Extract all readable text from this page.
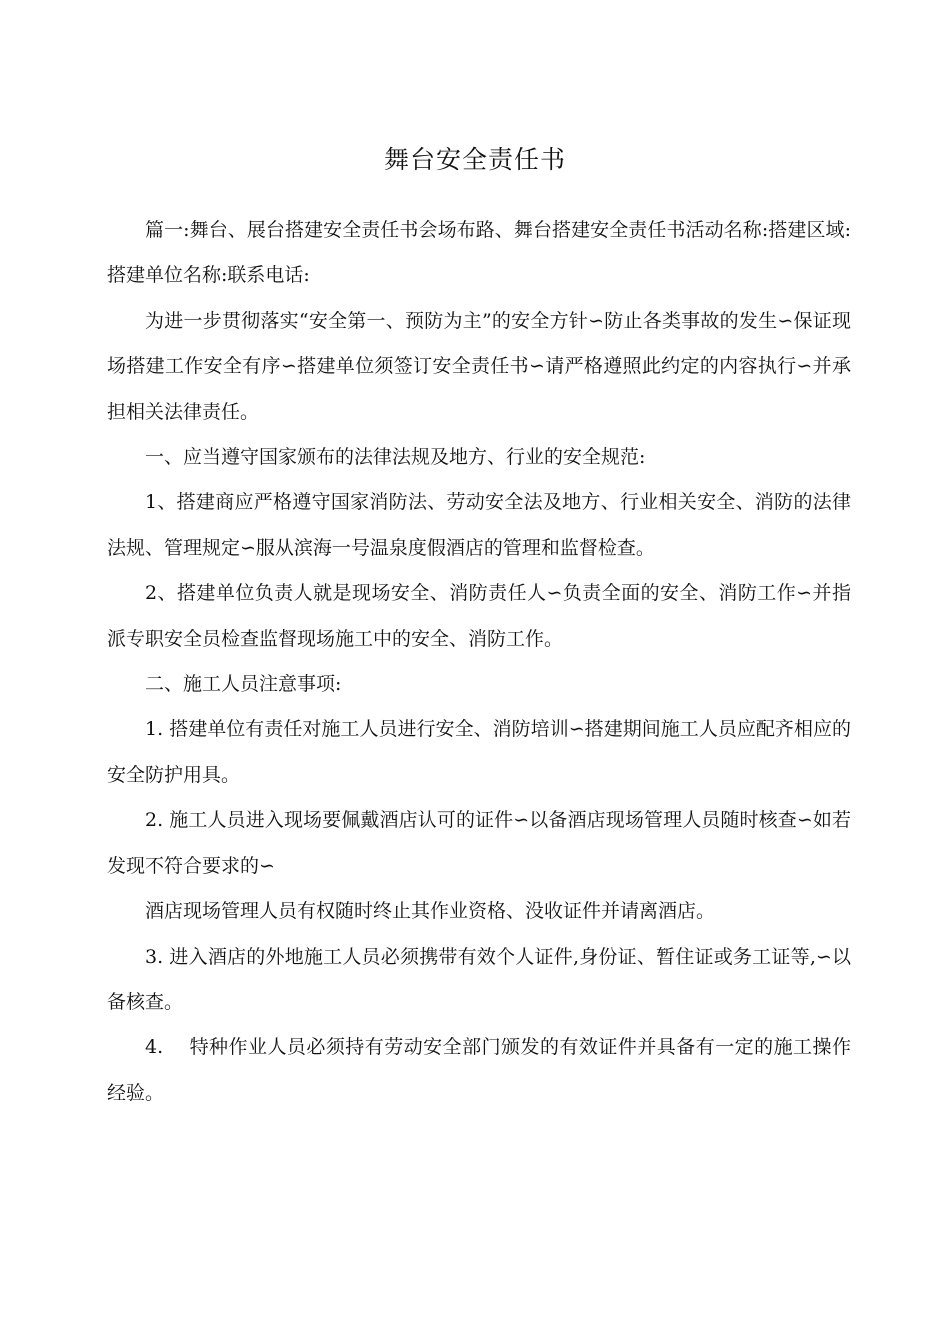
舞台安全责任书

篇一:舞台、展台搭建安全责任书会场布路、舞台搭建安全责任书活动名称:搭建区域:搭建单位名称:联系电话:

为进一步贯彻落实“安全第一、预防为主”的安全方针∽防止各类事故的发生∽保证现场搭建工作安全有序∽搭建单位须签订安全责任书∽请严格遵照此约定的内容执行∽并承担相关法律责任。

一、应当遵守国家颁布的法律法规及地方、行业的安全规范:

1、搭建商应严格遵守国家消防法、劳动安全法及地方、行业相关安全、消防的法律法规、管理规定∽服从滨海一号温泉度假酒店的管理和监督检查。

2、搭建单位负责人就是现场安全、消防责任人∽负责全面的安全、消防工作∽并指派专职安全员检查监督现场施工中的安全、消防工作。

二、施工人员注意事项:

1. 搭建单位有责任对施工人员进行安全、消防培训∽搭建期间施工人员应配齐相应的安全防护用具。

2. 施工人员进入现场要佩戴酒店认可的证件∽以备酒店现场管理人员随时核查∽如若发现不符合要求的∽

酒店现场管理人员有权随时终止其作业资格、没收证件并请离酒店。

3. 进入酒店的外地施工人员必须携带有效个人证件,身份证、暂住证或务工证等,∽以备核查。

4.　 特种作业人员必须持有劳动安全部门颁发的有效证件并具备有一定的施工操作经验。
